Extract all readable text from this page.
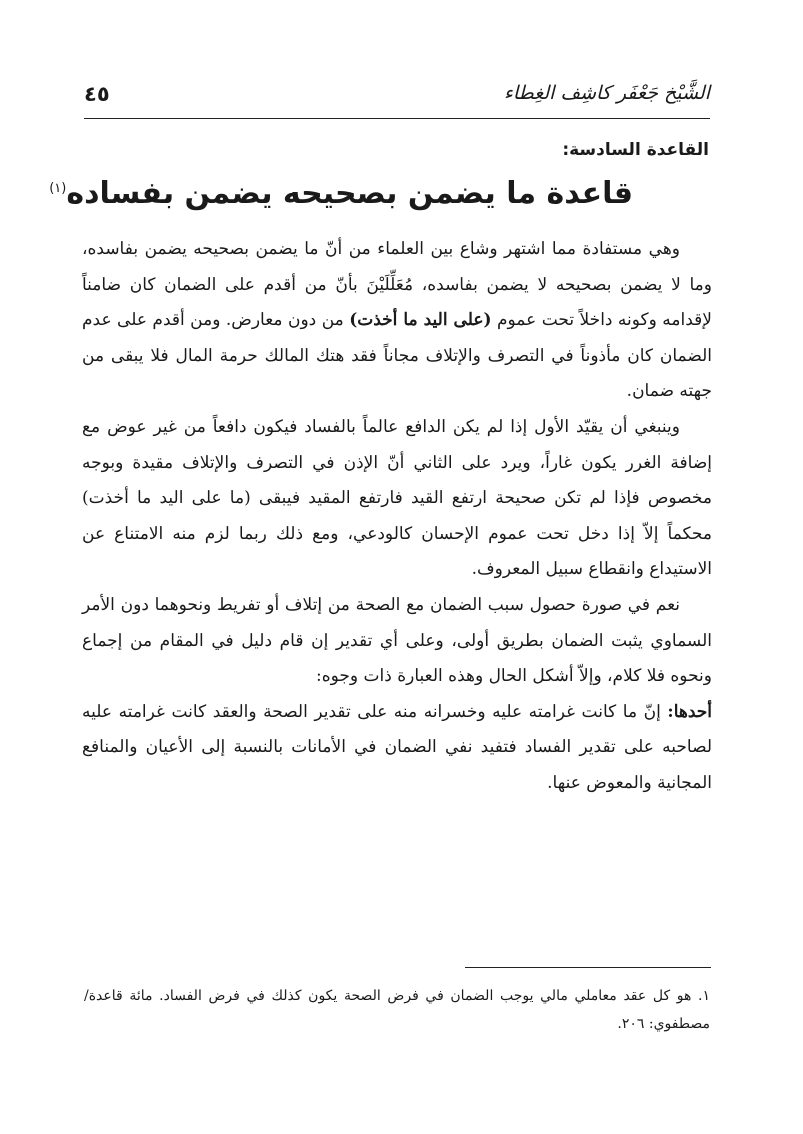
٤٥	الشَّيْخ جَعْفَر كاشِف الغِطاء
القاعدة السادسة:
قاعدة ما يضمن بصحيحه يضمن بفساده$^{(١)}$

وهي مستفادة مما اشتهر وشاع بين العلماء من أنّ ما يضمن بصحيحه يضمن بفاسده، وما لا يضمن بصحيحه لا يضمن بفاسده، مُعَلِّلَيْنَ بأنّ من أقدم على الضمان كان ضامناً لإقدامه وكونه داخلاً تحت عموم (على اليد ما أخذت) من دون معارض. ومن أقدم على عدم الضمان كان مأذوناً في التصرف والإتلاف مجاناً فقد هتك المالك حرمة المال فلا يبقى من جهته ضمان.

وينبغي أن يقيّد الأول إذا لم يكن الدافع عالماً بالفساد فيكون دافعاً من غير عوض مع إضافة الغرر يكون غاراً، ويرد على الثاني أنّ الإذن في التصرف والإتلاف مقيدة وبوجه مخصوص فإذا لم تكن صحيحة ارتفع القيد فارتفع المقيد فيبقى (ما على اليد ما أخذت) محكماً إلاّ إذا دخل تحت عموم الإحسان كالودعي، ومع ذلك ربما لزم منه الامتناع عن الاستيداع وانقطاع سبيل المعروف.

نعم في صورة حصول سبب الضمان مع الصحة من إتلاف أو تفريط ونحوهما دون الأمر السماوي يثبت الضمان بطريق أولى، وعلى أي تقدير إن قام دليل في المقام من إجماع ونحوه فلا كلام، وإلاّ أشكل الحال وهذه العبارة ذات وجوه:

أحدها: إنّ ما كانت غرامته عليه وخسرانه منه على تقدير الصحة والعقد كانت غرامته عليه لصاحبه على تقدير الفساد فتفيد نفي الضمان في الأمانات بالنسبة إلى الأعيان والمنافع المجانية والمعوض عنها.

١. هو كل عقد معاملي مالي يوجب الضمان في فرض الصحة يكون كذلك في فرض الفساد. مائة قاعدة/ مصطفوي: ٢٠٦.
